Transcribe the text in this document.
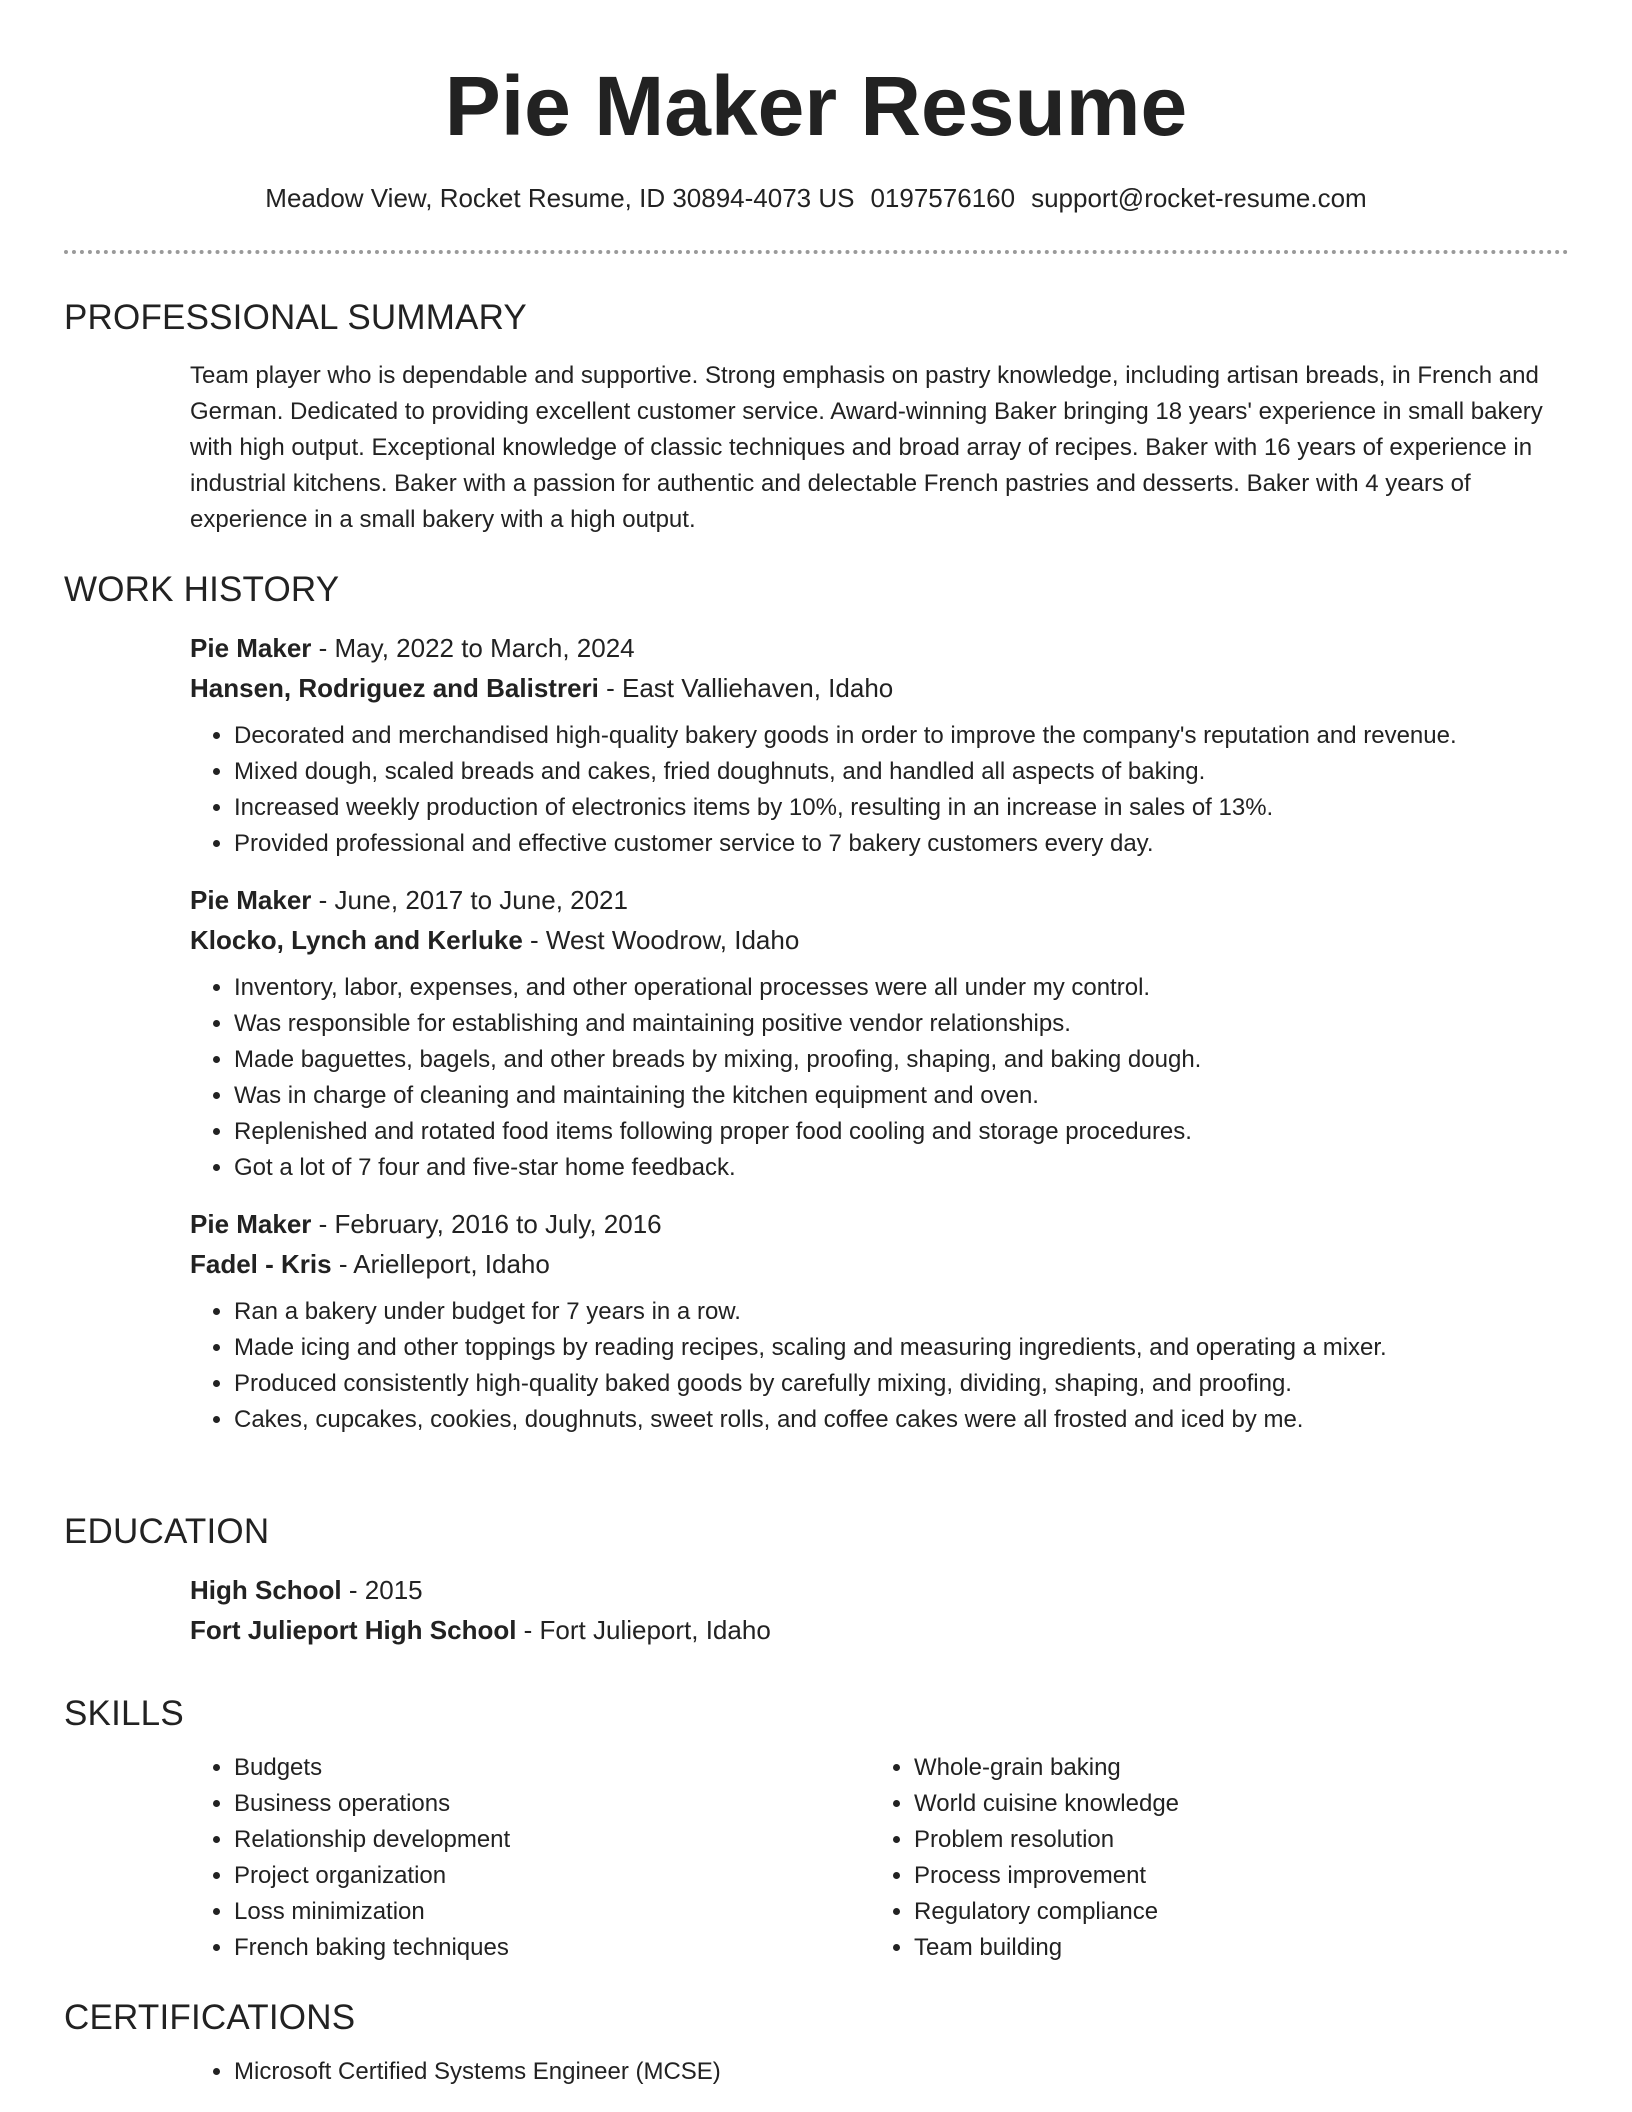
Pie Maker Resume
Meadow View, Rocket Resume, ID 30894-4073 US 0197576160 support@rocket-resume.com
PROFESSIONAL SUMMARY

Team player who is dependable and supportive. Strong emphasis on pastry knowledge, including artisan breads, in French and German. Dedicated to providing excellent customer service. Award-winning Baker bringing 18 years' experience in small bakery with high output. Exceptional knowledge of classic techniques and broad array of recipes. Baker with 16 years of experience in industrial kitchens. Baker with a passion for authentic and delectable French pastries and desserts. Baker with 4 years of experience in a small bakery with a high output.

WORK HISTORY
Pie Maker - May, 2022 to March, 2024
Hansen, Rodriguez and Balistreri - East Valliehaven, Idaho
• Decorated and merchandised high-quality bakery goods in order to improve the company's reputation and revenue.
• Mixed dough, scaled breads and cakes, fried doughnuts, and handled all aspects of baking.
• Increased weekly production of electronics items by 10%, resulting in an increase in sales of 13%.
• Provided professional and effective customer service to 7 bakery customers every day.
Pie Maker - June, 2017 to June, 2021
Klocko, Lynch and Kerluke - West Woodrow, Idaho
• Inventory, labor, expenses, and other operational processes were all under my control.
• Was responsible for establishing and maintaining positive vendor relationships.
• Made baguettes, bagels, and other breads by mixing, proofing, shaping, and baking dough.
• Was in charge of cleaning and maintaining the kitchen equipment and oven.
• Replenished and rotated food items following proper food cooling and storage procedures.
• Got a lot of 7 four and five-star home feedback.
Pie Maker - February, 2016 to July, 2016
Fadel - Kris - Arielleport, Idaho
• Ran a bakery under budget for 7 years in a row.
• Made icing and other toppings by reading recipes, scaling and measuring ingredients, and operating a mixer.
• Produced consistently high-quality baked goods by carefully mixing, dividing, shaping, and proofing.
• Cakes, cupcakes, cookies, doughnuts, sweet rolls, and coffee cakes were all frosted and iced by me.
EDUCATION
High School - 2015
Fort Julieport High School - Fort Julieport, Idaho
SKILLS
• Budgets
• Business operations
• Relationship development
• Project organization
• Loss minimization
• French baking techniques
• Whole-grain baking
• World cuisine knowledge
• Problem resolution
• Process improvement
• Regulatory compliance
• Team building
CERTIFICATIONS
• Microsoft Certified Systems Engineer (MCSE)
